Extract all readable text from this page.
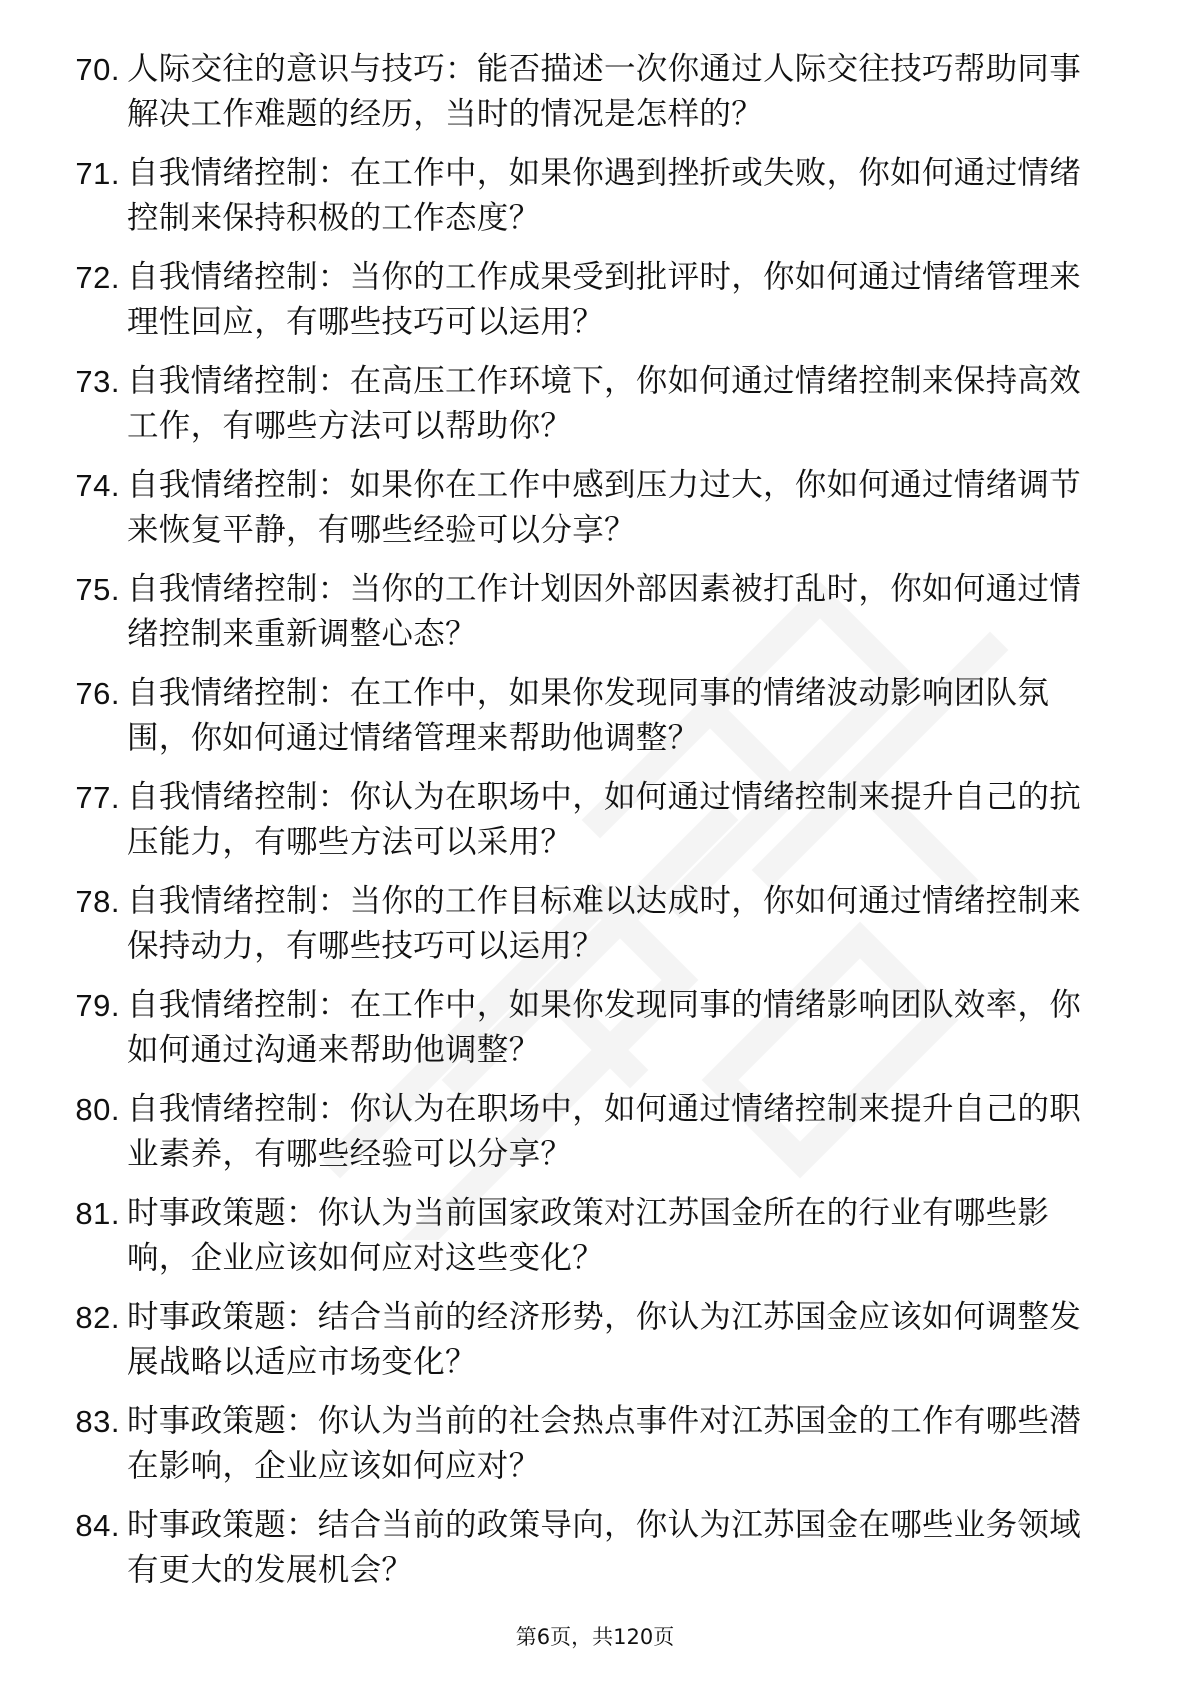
70. 人际交往的意识与技巧：能否描述一次你通过人际交往技巧帮助同事解决工作难题的经历，当时的情况是怎样的？
71. 自我情绪控制：在工作中，如果你遇到挫折或失败，你如何通过情绪控制来保持积极的工作态度？
72. 自我情绪控制：当你的工作成果受到批评时，你如何通过情绪管理来理性回应，有哪些技巧可以运用？
73. 自我情绪控制：在高压工作环境下，你如何通过情绪控制来保持高效工作，有哪些方法可以帮助你？
74. 自我情绪控制：如果你在工作中感到压力过大，你如何通过情绪调节来恢复平静，有哪些经验可以分享？
75. 自我情绪控制：当你的工作计划因外部因素被打乱时，你如何通过情绪控制来重新调整心态？
76. 自我情绪控制：在工作中，如果你发现同事的情绪波动影响团队氛围，你如何通过情绪管理来帮助他调整？
77. 自我情绪控制：你认为在职场中，如何通过情绪控制来提升自己的抗压能力，有哪些方法可以采用？
78. 自我情绪控制：当你的工作目标难以达成时，你如何通过情绪控制来保持动力，有哪些技巧可以运用？
79. 自我情绪控制：在工作中，如果你发现同事的情绪影响团队效率，你如何通过沟通来帮助他调整？
80. 自我情绪控制：你认为在职场中，如何通过情绪控制来提升自己的职业素养，有哪些经验可以分享？
81. 时事政策题：你认为当前国家政策对江苏国金所在的行业有哪些影响，企业应该如何应对这些变化？
82. 时事政策题：结合当前的经济形势，你认为江苏国金应该如何调整发展战略以适应市场变化？
83. 时事政策题：你认为当前的社会热点事件对江苏国金的工作有哪些潜在影响，企业应该如何应对？
84. 时事政策题：结合当前的政策导向，你认为江苏国金在哪些业务领域有更大的发展机会？
第6页，共120页
